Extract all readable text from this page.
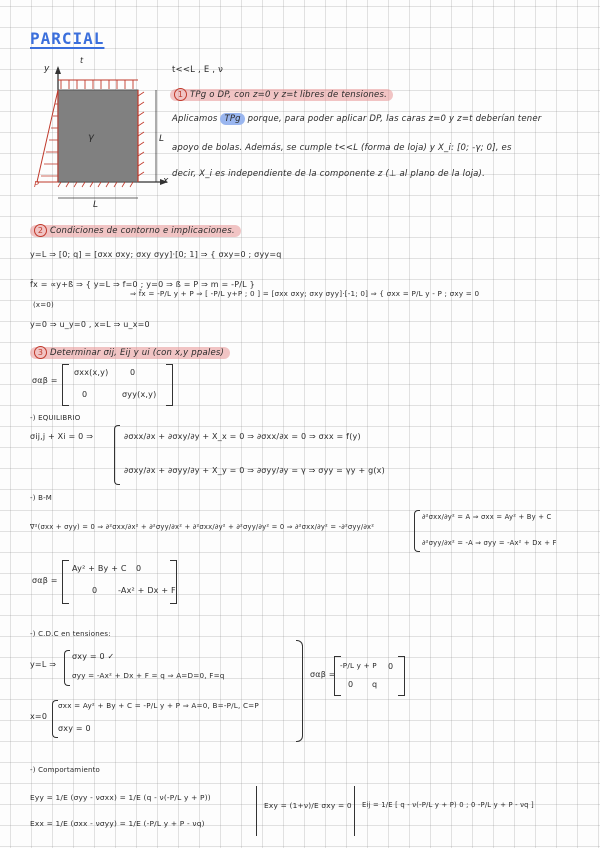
PARCIAL
y
x
t
L
L
P
γ
t<<L , E , ν
1 TPg o DP, con z=0 y z=t libres de tensiones.
Aplicamos TPg porque, para poder aplicar DP, las caras z=0 y z=t deberían tener
apoyo de bolas. Además, se cumple t<<L (forma de loja) y X_i: [0; -γ; 0], es
decir, X_i es independiente de la componente z (⊥ al plano de la loja).
2 Condiciones de contorno e implicaciones.
y=L ⇒ [0; q] = [σxx σxy; σxy σyy]·[0; 1] ⇒ { σxy=0 ; σyy=q
f̄x = ∝y+ß ⇒ { y=L ⇒ f=0 ; y=0 ⇒ ß = P ⇒ m = -P/L }
⇒ f̄x = -P/L y + P ⇒ [ -P/L y+P ; 0 ] = [σxx σxy; σxy σyy]·[-1; 0] ⇒ { σxx = P/L y - P ; σxy = 0
(x=0)
y=0 ⇒ u_y=0 , x=L ⇒ u_x=0
3 Determinar σij, Eij y ui (con x,y ppales)
σαβ =
σxx(x,y)	0
0	σyy(x,y)
-) EQUILIBRIO
σij,j + Xi = 0 ⇒	∂σxx/∂x + ∂σxy/∂y + X_x = 0 ⇒ ∂σxx/∂x = 0 ⇒ σxx = f(y)
∂σxy/∂x + ∂σyy/∂y + X_y = 0 ⇒ ∂σyy/∂y = γ ⇒ σyy = γy + g(x)
-) B-M
∇²(σxx + σyy) = 0 ⇒ ∂²σxx/∂x² + ∂²σyy/∂x² + ∂²σxx/∂y² + ∂²σyy/∂y² = 0 ⇒ ∂²σxx/∂y² = -∂²σyy/∂x²
∂²σxx/∂y² = A ⇒ σxx = Ay² + By + C
∂²σyy/∂x² = -A ⇒ σyy = -Ax² + Dx + F
σαβ =
Ay² + By + C 0
0	-Ax² + Dx + F
-) C.D.C en tensiones:
y=L ⇒
σxy = 0 ✓
σyy = -Ax² + Dx + F = q ⇒ A=D=0, F=q
x=0
σxx = Ay² + By + C = -P/L y + P ⇒ A=0, B=-P/L, C=P
σxy = 0
σαβ =
-P/L y + P 0
0 q
-) Comportamiento
Eyy = 1/E (σyy - νσxx) = 1/E (q - ν(-P/L y + P))
Exx = 1/E (σxx - νσyy) = 1/E (-P/L y + P - νq)
Exy = (1+ν)/E σxy = 0 Eij = 1/E [ q - ν(-P/L y + P) 0 ; 0 -P/L y + P - νq ]
